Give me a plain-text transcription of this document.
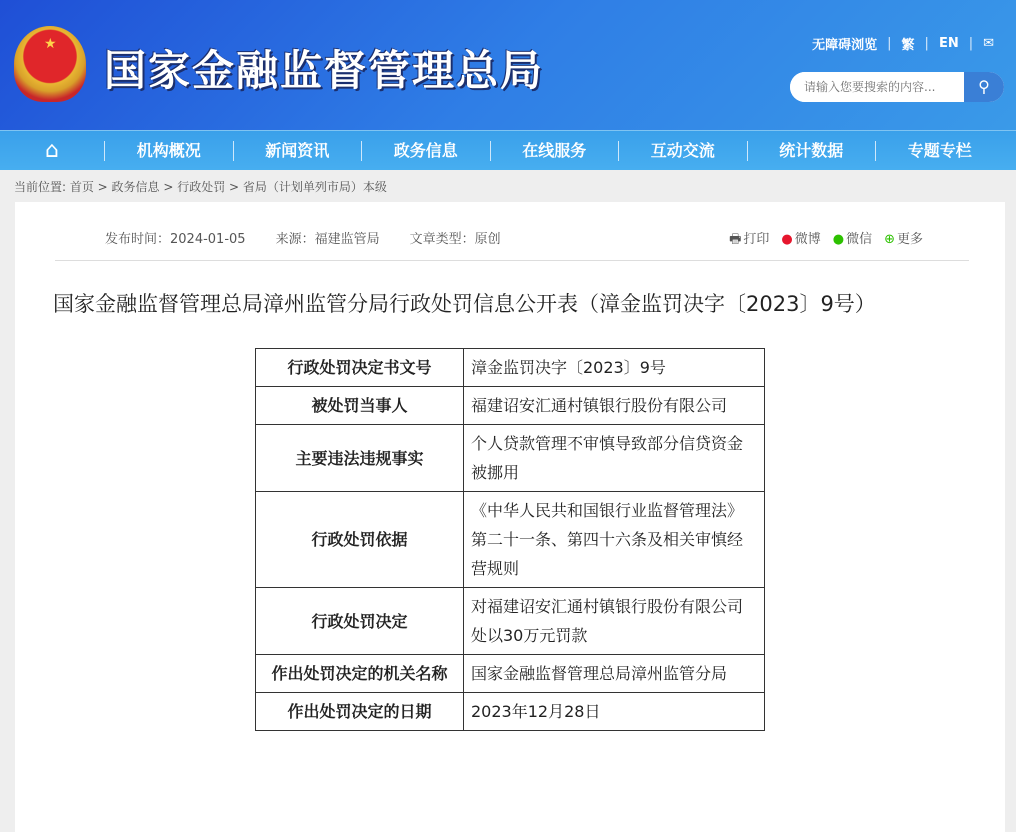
★
国家金融监督管理总局
无障碍浏览 | 繁 | EN | ✉
请输入您要搜索的内容...
⚲
⌂	机构概况	新闻资讯	政务信息	在线服务	互动交流	统计数据	专题专栏
当前位置: 首页 > 政务信息 > 行政处罚 > 省局（计划单列市局）本级
发布时间：2024-01-05 来源：福建监管局 文章类型：原创	🖶 打印 ● 微博 ● 微信 ⊕ 更多
国家金融监督管理总局漳州监管分局行政处罚信息公开表（漳金监罚决字〔2023〕9号）
行政处罚决定书文号	漳金监罚决字〔2023〕9号
被处罚当事人	福建诏安汇通村镇银行股份有限公司
主要违法违规事实	个人贷款管理不审慎导致部分信贷资金被挪用
行政处罚依据	《中华人民共和国银行业监督管理法》第二十一条、第四十六条及相关审慎经营规则
行政处罚决定	对福建诏安汇通村镇银行股份有限公司处以30万元罚款
作出处罚决定的机关名称	国家金融监督管理总局漳州监管分局
作出处罚决定的日期	2023年12月28日
